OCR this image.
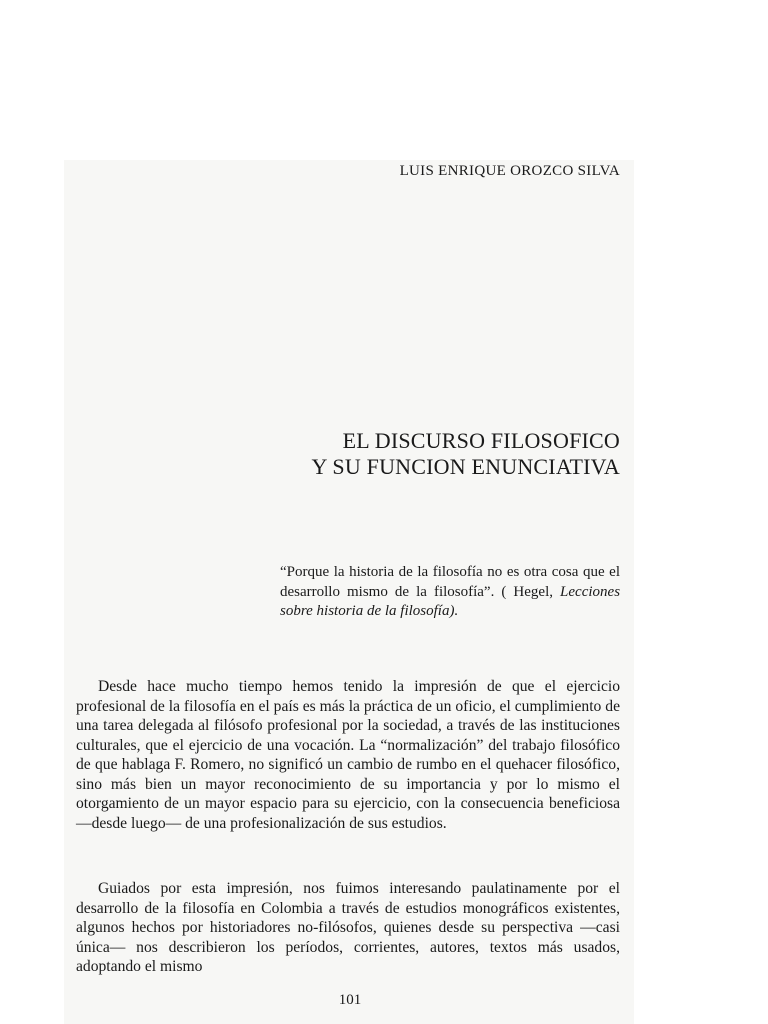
LUIS ENRIQUE OROZCO SILVA
EL DISCURSO FILOSOFICO
Y SU FUNCION ENUNCIATIVA
“Porque la historia de la filosofía no es otra cosa que el desarrollo mismo de la filosofía”. ( Hegel, Lecciones sobre historia de la filosofía).

Desde hace mucho tiempo hemos tenido la impresión de que el ejercicio profesional de la filosofía en el país es más la práctica de un oficio, el cumplimiento de una tarea delegada al filósofo profesional por la sociedad, a través de las instituciones culturales, que el ejercicio de una vocación. La “normalización” del trabajo filosófico de que hablaga F. Romero, no significó un cambio de rumbo en el quehacer filosófico, sino más bien un mayor reconocimiento de su importancia y por lo mismo el otorgamiento de un mayor espacio para su ejercicio, con la consecuencia beneficiosa —desde luego— de una profesionalización de sus estudios.

Guiados por esta impresión, nos fuimos interesando paulatinamente por el desarrollo de la filosofía en Colombia a través de estudios monográficos existentes, algunos hechos por historiadores no-filósofos, quienes desde su perspectiva —casi única— nos describieron los períodos, corrientes, autores, textos más usados, adoptando el mismo

101
